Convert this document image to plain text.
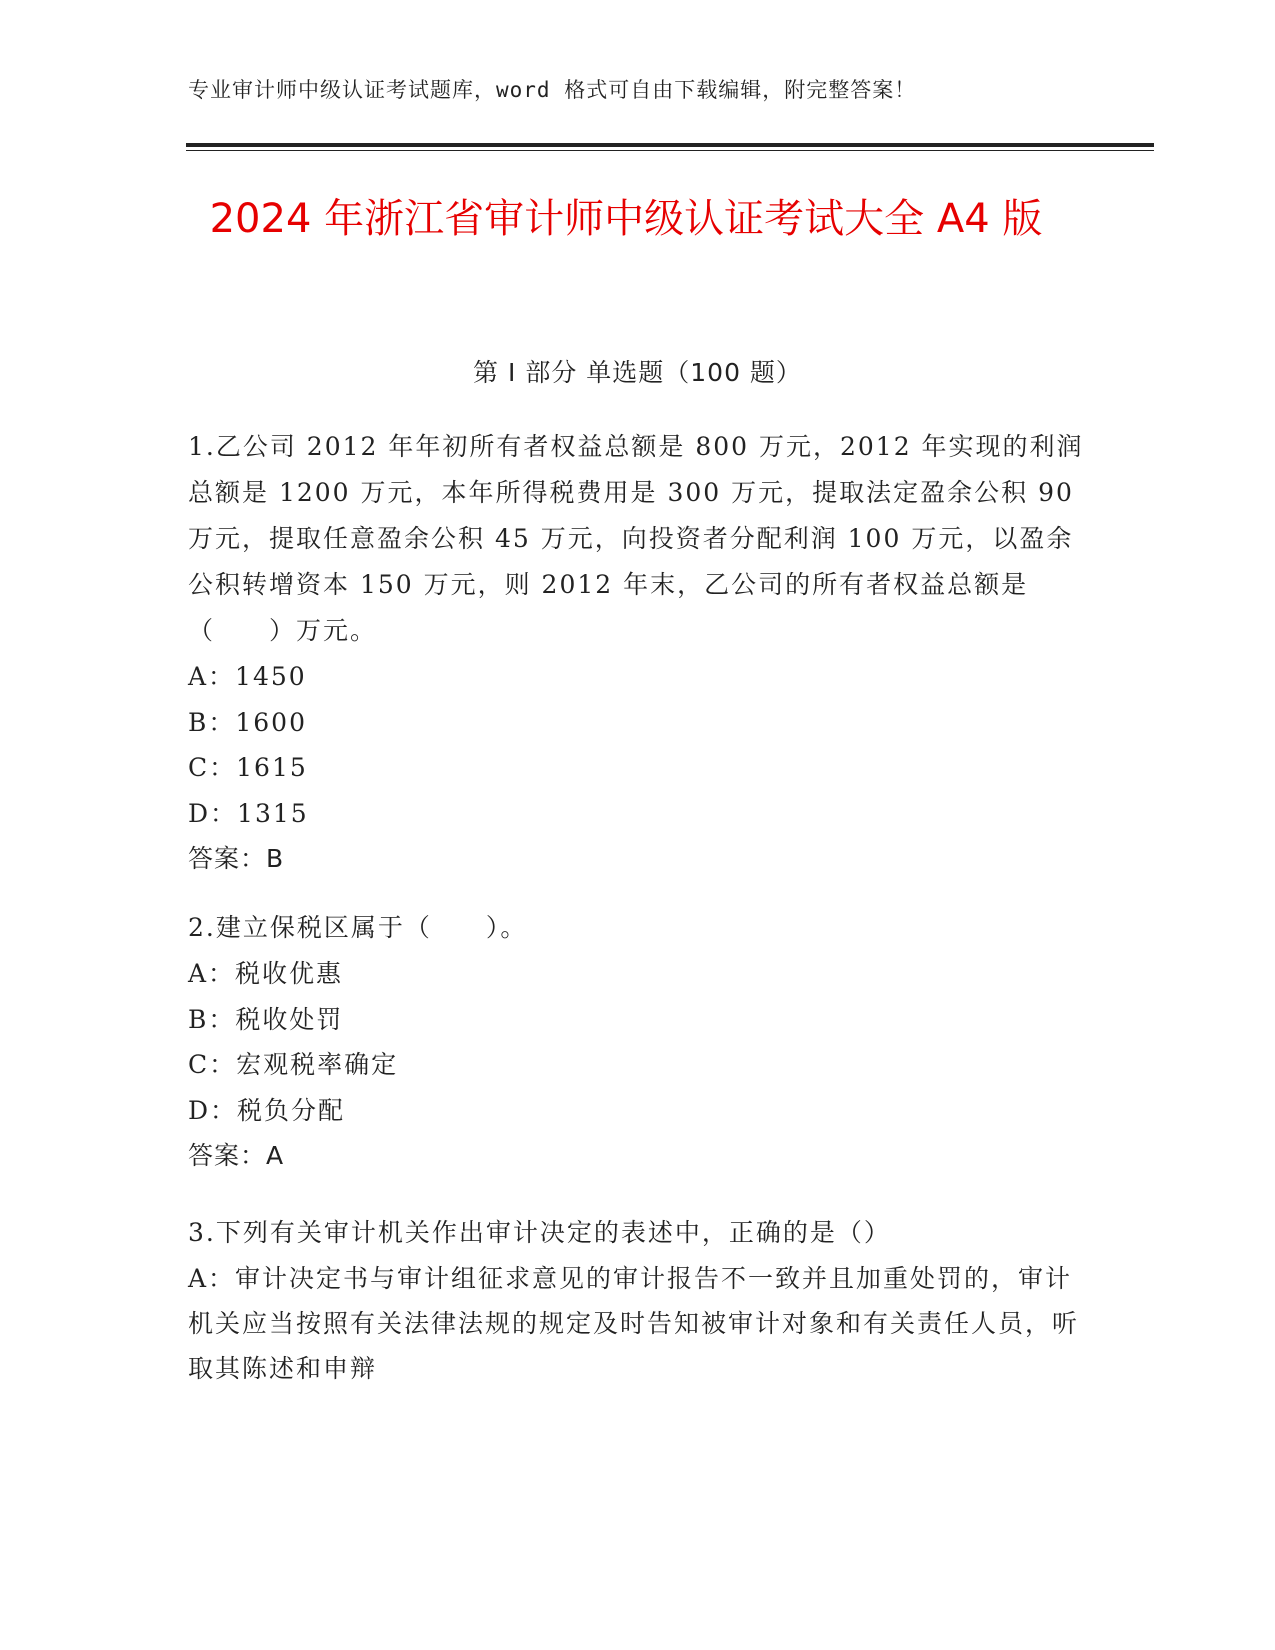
专业审计师中级认证考试题库，word 格式可自由下载编辑，附完整答案！
2024 年浙江省审计师中级认证考试大全 A4 版
第 I 部分 单选题（100 题）

1.乙公司 2012 年年初所有者权益总额是 800 万元，2012 年实现的利润总额是 1200 万元，本年所得税费用是 300 万元，提取法定盈余公积 90 万元，提取任意盈余公积 45 万元，向投资者分配利润 100 万元，以盈余公积转增资本 150 万元，则 2012 年末，乙公司的所有者权益总额是（　　）万元。

A：1450

B：1600

C：1615

D：1315

答案：B

2.建立保税区属于（　　）。

A：税收优惠

B：税收处罚

C：宏观税率确定

D：税负分配

答案：A

3.下列有关审计机关作出审计决定的表述中，正确的是（）

A：审计决定书与审计组征求意见的审计报告不一致并且加重处罚的，审计机关应当按照有关法律法规的规定及时告知被审计对象和有关责任人员，听取其陈述和申辩
